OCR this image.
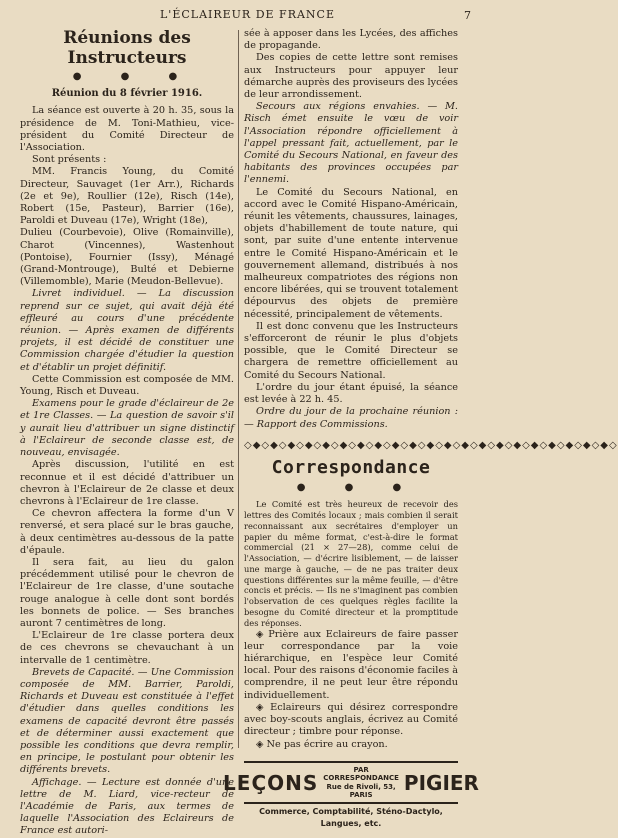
L'ÉCLAIREUR DE FRANCE	7
Réunions des Instructeurs
● ● ●
Réunion du 8 février 1916.

La séance est ouverte à 20 h. 35, sous la présidence de M. Toni-Mathieu, vice-président du Comité Directeur de l'Association.

Sont présents :

MM. Francis Young, du Comité Directeur, Sauvaget (1er Arr.), Richards (2e et 9e), Roullier (12e), Risch (14e), Robert (15e, Pasteur), Barrier (16e), Paroldi et Duveau (17e), Wright (18e),

Dulieu (Courbevoie), Olive (Romainville), Charot (Vincennes), Wastenhout (Pontoise), Fournier (Issy), Ménagé (Grand-Montrouge), Bulté et Debierne (Villemomble), Marie (Meudon-Bellevue).

Livret individuel. — La discussion reprend sur ce sujet, qui avait déjà été effleuré au cours d'une précédente réunion. — Après examen de différents projets, il est décidé de constituer une Commission chargée d'étudier la question et d'établir un projet définitif.

Cette Commission est composée de MM. Young, Risch et Duveau.

Examens pour le grade d'éclaireur de 2e et 1re Classes. — La question de savoir s'il y aurait lieu d'attribuer un signe distinctif à l'Eclaireur de seconde classe est, de nouveau, envisagée.

Après discussion, l'utilité en est reconnue et il est décidé d'attribuer un chevron à l'Eclaireur de 2e classe et deux chevrons à l'Eclaireur de 1re classe.

Ce chevron affectera la forme d'un V renversé, et sera placé sur le bras gauche, à deux centimètres au-dessous de la patte d'épaule.

Il sera fait, au lieu du galon précédemment utilisé pour le chevron de l'Eclaireur de 1re classe, d'une soutache rouge analogue à celle dont sont bordés les bonnets de police. — Ses branches auront 7 centimètres de long.

L'Eclaireur de 1re classe portera deux de ces chevrons se chevauchant à un intervalle de 1 centimètre.

Brevets de Capacité. — Une Commission composée de MM. Barrier, Paroldi, Richards et Duveau est constituée à l'effet d'étudier dans quelles conditions les examens de capacité devront être passés et de déterminer aussi exactement que possible les conditions que devra remplir, en principe, le postulant pour obtenir les différents brevets.

Affichage. — Lecture est donnée d'une lettre de M. Liard, vice-recteur de l'Académie de Paris, aux termes de laquelle l'Association des Eclaireurs de France est autori-

sée à apposer dans les Lycées, des affiches de propagande.

Des copies de cette lettre sont remises aux Instructeurs pour appuyer leur démarche auprès des proviseurs des lycées de leur arrondissement.

Secours aux régions envahies. — M. Risch émet ensuite le vœu de voir l'Association répondre officiellement à l'appel pressant fait, actuellement, par le Comité du Secours National, en faveur des habitants des provinces occupées par l'ennemi.

Le Comité du Secours National, en accord avec le Comité Hispano-Américain, réunit les vêtements, chaussures, lainages, objets d'habillement de toute nature, qui sont, par suite d'une entente intervenue entre le Comité Hispano-Américain et le gouvernement allemand, distribués à nos malheureux compatriotes des régions non encore libérées, qui se trouvent totalement dépourvus des objets de première nécessité, principalement de vêtements.

Il est donc convenu que les Instructeurs s'efforceront de réunir le plus d'objets possible, que le Comité Directeur se chargera de remettre officiellement au Comité du Secours National.

L'ordre du jour étant épuisé, la séance est levée à 22 h. 45.

Ordre du jour de la prochaine réunion : — Rapport des Commissions.

◇◆◇◆◇◆◇◆◇◆◇◆◇◆◇◆◇◆◇◆◇◆◇◆◇◆◇◆◇◆◇◆◇◆◇◆◇◆◇◆◇◆◇
Correspondance
● ● ●

Le Comité est très heureux de recevoir des lettres des Comités locaux ; mais combien il serait reconnaissant aux secrétaires d'employer un papier du même format, c'est-à-dire le format commercial (21 × 27—28), comme celui de l'Association, — d'écrire lisiblement, — de laisser une marge à gauche, — de ne pas traiter deux questions différentes sur la même feuille, — d'être concis et précis. — Ils ne s'imaginent pas combien l'observation de ces quelques règles facilite la besogne du Comité directeur et la promptitude des réponses.

◈ Prière aux Eclaireurs de faire passer leur correspondance par la voie hiérarchique, en l'espèce leur Comité local. Pour des raisons d'économie faciles à comprendre, il ne peut leur être répondu individuellement.

◈ Eclaireurs qui désirez correspondre avec boy-scouts anglais, écrivez au Comité directeur ; timbre pour réponse.

◈ Ne pas écrire au crayon.

LEÇONS
PAR CORRESPONDANCE
Rue de Rivoli, 53, PARIS
PIGIER
Commerce, Comptabilité, Sténo-Dactylo, Langues, etc.
